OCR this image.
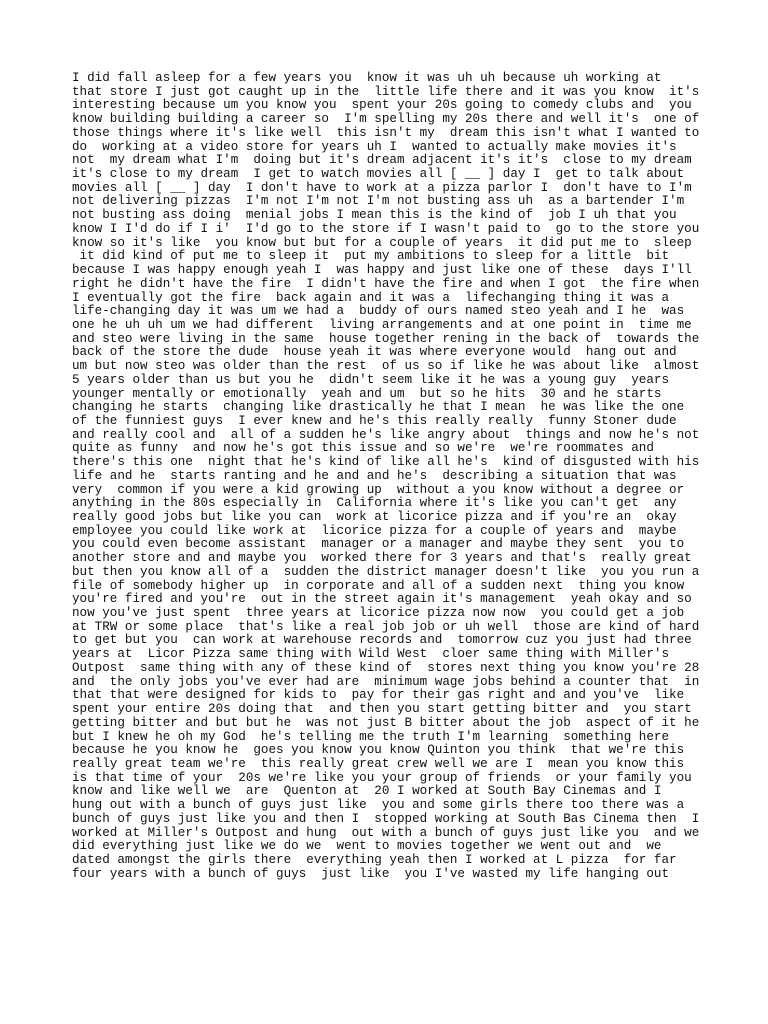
I did fall asleep for a few years you  know it was uh uh because uh working at
that store I just got caught up in the  little life there and it was you know  it's
interesting because um you know you  spent your 20s going to comedy clubs and  you
know building building a career so  I'm spelling my 20s there and well it's  one of
those things where it's like well  this isn't my  dream this isn't what I wanted to
do  working at a video store for years uh I  wanted to actually make movies it's
not  my dream what I'm  doing but it's dream adjacent it's it's  close to my dream
it's close to my dream  I get to watch movies all [ __ ] day I  get to talk about
movies all [ __ ] day  I don't have to work at a pizza parlor I  don't have to I'm
not delivering pizzas  I'm not I'm not I'm not busting ass uh  as a bartender I'm
not busting ass doing  menial jobs I mean this is the kind of  job I uh that you
know I I'd do if I i'  I'd go to the store if I wasn't paid to  go to the store you
know so it's like  you know but but for a couple of years  it did put me to  sleep
it did kind of put me to sleep it  put my ambitions to sleep for a little  bit
because I was happy enough yeah I  was happy and just like one of these  days I'll
right he didn't have the fire  I didn't have the fire and when I got  the fire when
I eventually got the fire  back again and it was a  lifechanging thing it was a
life-changing day it was um we had a  buddy of ours named steo yeah and I he  was
one he uh uh um we had different  living arrangements and at one point in  time me
and steo were living in the same  house together rening in the back of  towards the
back of the store the dude  house yeah it was where everyone would  hang out and
um but now steo was older than the rest  of us so if like he was about like  almost
5 years older than us but you he  didn't seem like it he was a young guy  years
younger mentally or emotionally  yeah and um  but so he hits  30 and he starts
changing he starts  changing like drastically he that I mean  he was like the one
of the funniest guys  I ever knew and he's this really really  funny Stoner dude
and really cool and  all of a sudden he's like angry about  things and now he's not
quite as funny  and now he's got this issue and so we're  we're roommates and
there's this one  night that he's kind of like all he's  kind of disgusted with his
life and he  starts ranting and he and and he's  describing a situation that was
very  common if you were a kid growing up  without a you know without a degree or
anything in the 80s especially in  California where it's like you can't get  any
really good jobs but like you can  work at licorice pizza and if you're an  okay
employee you could like work at  licorice pizza for a couple of years and  maybe
you could even become assistant  manager or a manager and maybe they sent  you to
another store and and maybe you  worked there for 3 years and that's  really great
but then you know all of a  sudden the district manager doesn't like  you you run a
file of somebody higher up  in corporate and all of a sudden next  thing you know
you're fired and you're  out in the street again it's management  yeah okay and so
now you've just spent  three years at licorice pizza now now  you could get a job
at TRW or some place  that's like a real job job or uh well  those are kind of hard
to get but you  can work at warehouse records and  tomorrow cuz you just had three
years at  Licor Pizza same thing with Wild West  cloer same thing with Miller's
Outpost  same thing with any of these kind of  stores next thing you know you're 28
and  the only jobs you've ever had are  minimum wage jobs behind a counter that  in
that that were designed for kids to  pay for their gas right and and you've  like
spent your entire 20s doing that  and then you start getting bitter and  you start
getting bitter and but but he  was not just B bitter about the job  aspect of it he
but I knew he oh my God  he's telling me the truth I'm learning  something here
because he you know he  goes you know you know Quinton you think  that we're this
really great team we're  this really great crew well we are I  mean you know this
is that time of your  20s we're like you your group of friends  or your family you
know and like well we  are  Quenton at  20 I worked at South Bay Cinemas and I
hung out with a bunch of guys just like  you and some girls there too there was a
bunch of guys just like you and then I  stopped working at South Bas Cinema then  I
worked at Miller's Outpost and hung  out with a bunch of guys just like you  and we
did everything just like we do we  went to movies together we went out and  we
dated amongst the girls there  everything yeah then I worked at L pizza  for far
four years with a bunch of guys  just like  you I've wasted my life hanging out
